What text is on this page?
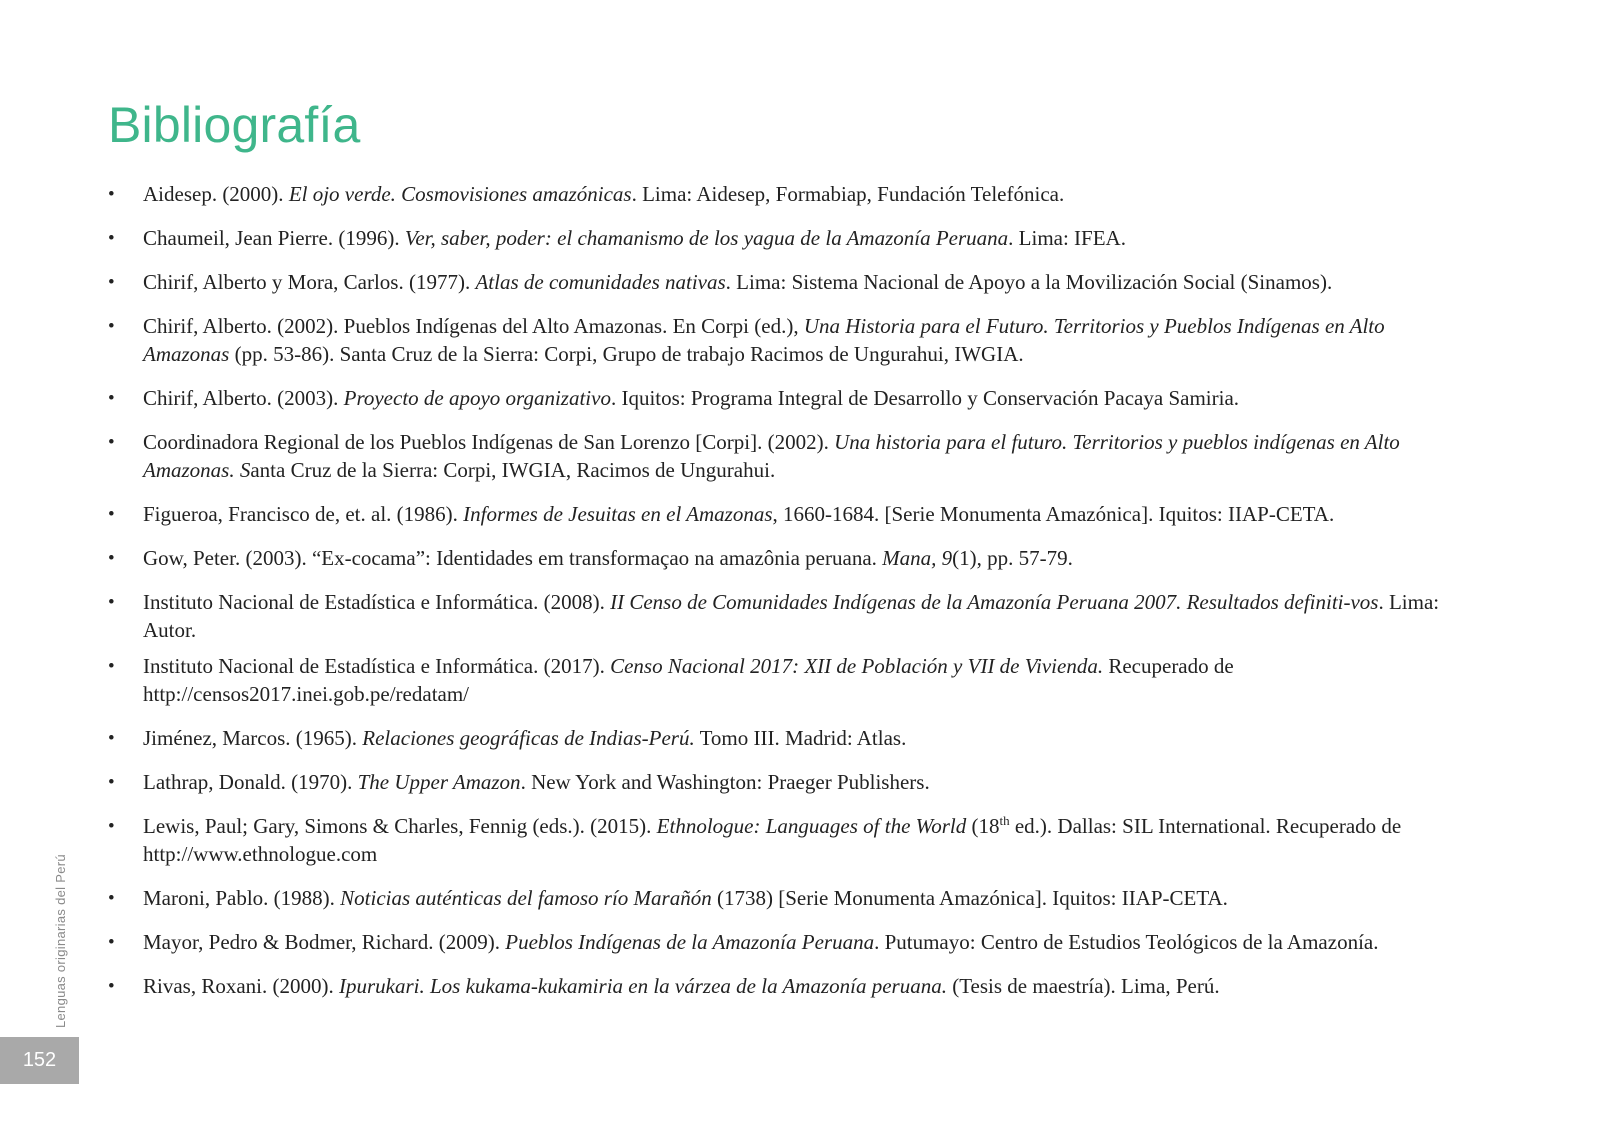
Bibliografía
• Aidesep. (2000). El ojo verde. Cosmovisiones amazónicas. Lima: Aidesep, Formabiap, Fundación Telefónica.
• Chaumeil, Jean Pierre. (1996). Ver, saber, poder: el chamanismo de los yagua de la Amazonía Peruana. Lima: IFEA.
• Chirif, Alberto y Mora, Carlos. (1977). Atlas de comunidades nativas. Lima: Sistema Nacional de Apoyo a la Movilización Social (Sinamos).
• Chirif, Alberto. (2002). Pueblos Indígenas del Alto Amazonas. En Corpi (ed.), Una Historia para el Futuro. Territorios y Pueblos Indígenas en Alto Amazonas (pp. 53-86). Santa Cruz de la Sierra: Corpi, Grupo de trabajo Racimos de Ungurahui, IWGIA.
• Chirif, Alberto. (2003). Proyecto de apoyo organizativo. Iquitos: Programa Integral de Desarrollo y Conservación Pacaya Samiria.
• Coordinadora Regional de los Pueblos Indígenas de San Lorenzo [Corpi]. (2002). Una historia para el futuro. Territorios y pueblos indígenas en Alto Amazonas. Santa Cruz de la Sierra: Corpi, IWGIA, Racimos de Ungurahui.
• Figueroa, Francisco de, et. al. (1986). Informes de Jesuitas en el Amazonas, 1660-1684. [Serie Monumenta Amazónica]. Iquitos: IIAP-CETA.
• Gow, Peter. (2003). “Ex-cocama”: Identidades em transformaçao na amazônia peruana. Mana, 9(1), pp. 57-79.
• Instituto Nacional de Estadística e Informática. (2008). II Censo de Comunidades Indígenas de la Amazonía Peruana 2007. Resultados definiti-vos. Lima: Autor.
• Instituto Nacional de Estadística e Informática. (2017). Censo Nacional 2017: XII de Población y VII de Vivienda. Recuperado de http://censos2017.inei.gob.pe/redatam/
• Jiménez, Marcos. (1965). Relaciones geográficas de Indias-Perú. Tomo III. Madrid: Atlas.
• Lathrap, Donald. (1970). The Upper Amazon. New York and Washington: Praeger Publishers.
• Lewis, Paul; Gary, Simons & Charles, Fennig (eds.). (2015). Ethnologue: Languages of the World (18th ed.). Dallas: SIL International. Recuperado de http://www.ethnologue.com
• Maroni, Pablo. (1988). Noticias auténticas del famoso río Marañón (1738) [Serie Monumenta Amazónica]. Iquitos: IIAP-CETA.
• Mayor, Pedro & Bodmer, Richard. (2009). Pueblos Indígenas de la Amazonía Peruana. Putumayo: Centro de Estudios Teológicos de la Amazonía.
• Rivas, Roxani. (2000). Ipurukari. Los kukama-kukamiria en la várzea de la Amazonía peruana. (Tesis de maestría). Lima, Perú.
Lenguas originarias del Perú
152
